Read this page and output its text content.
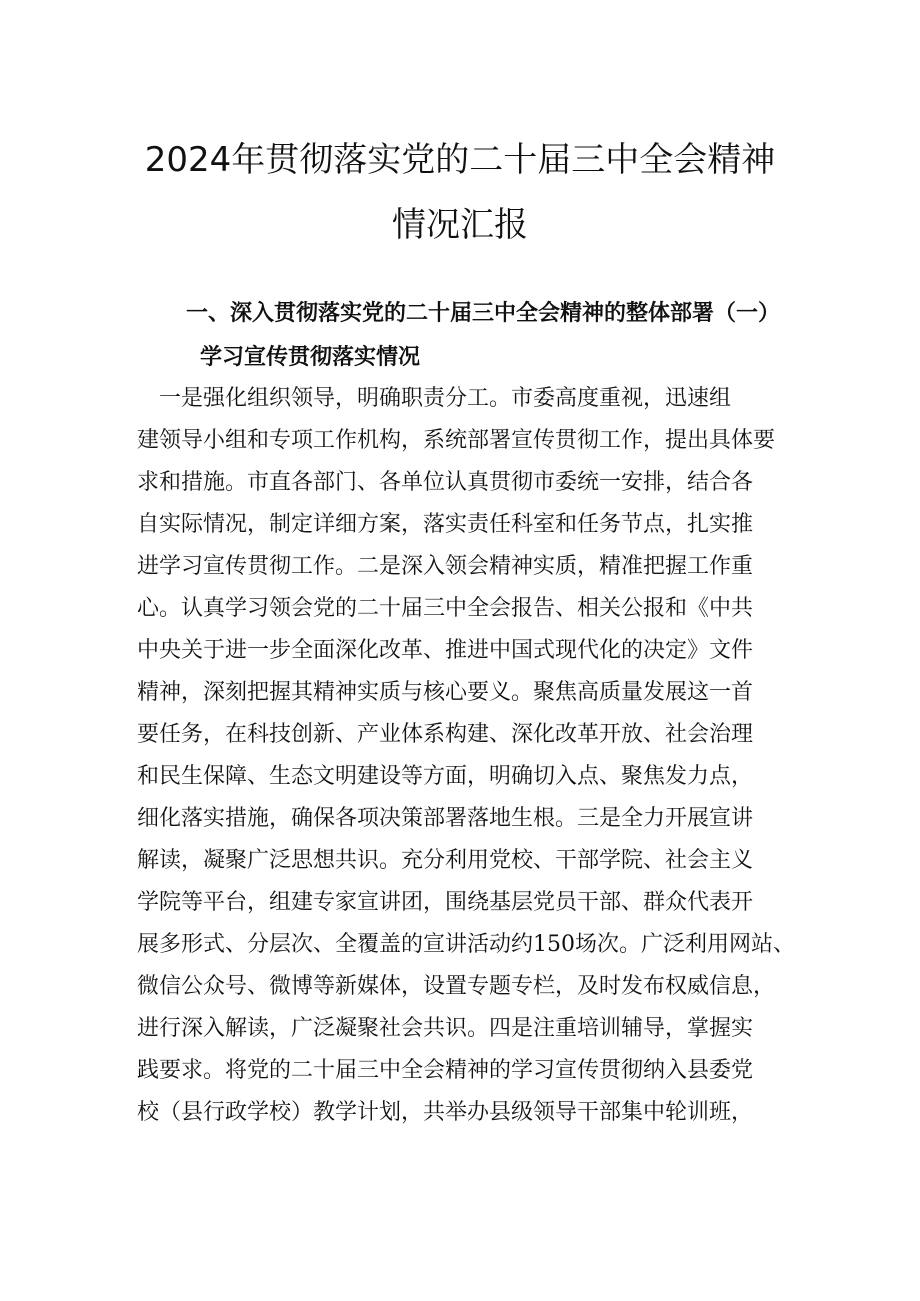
2024年贯彻落实党的二十届三中全会精神
情况汇报
一、深入贯彻落实党的二十届三中全会精神的整体部署（一）
学习宣传贯彻落实情况
　一是强化组织领导，明确职责分工。市委高度重视，迅速组
建领导小组和专项工作机构，系统部署宣传贯彻工作，提出具体要
求和措施。市直各部门、各单位认真贯彻市委统一安排，结合各
自实际情况，制定详细方案，落实责任科室和任务节点，扎实推
进学习宣传贯彻工作。二是深入领会精神实质，精准把握工作重
心。认真学习领会党的二十届三中全会报告、相关公报和《中共
中央关于进一步全面深化改革、推进中国式现代化的决定》文件
精神，深刻把握其精神实质与核心要义。聚焦高质量发展这一首
要任务，在科技创新、产业体系构建、深化改革开放、社会治理
和民生保障、生态文明建设等方面，明确切入点、聚焦发力点，
细化落实措施，确保各项决策部署落地生根。三是全力开展宣讲
解读，凝聚广泛思想共识。充分利用党校、干部学院、社会主义
学院等平台，组建专家宣讲团，围绕基层党员干部、群众代表开
展多形式、分层次、全覆盖的宣讲活动约150场次。广泛利用网站、
微信公众号、微博等新媒体，设置专题专栏，及时发布权威信息，
进行深入解读，广泛凝聚社会共识。四是注重培训辅导，掌握实
践要求。将党的二十届三中全会精神的学习宣传贯彻纳入县委党
校（县行政学校）教学计划，共举办县级领导干部集中轮训班，
